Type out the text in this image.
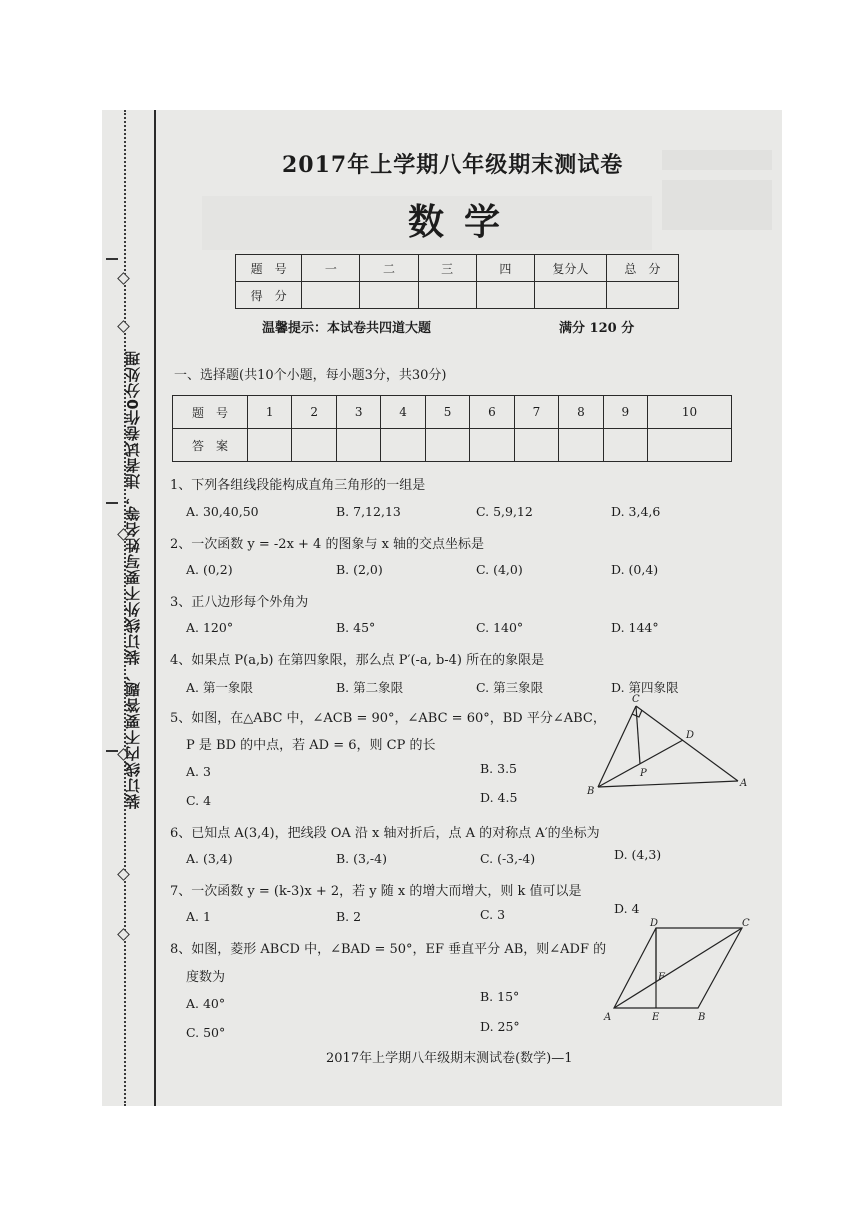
装订线内不要答题、装订线外不要写姓名等，违者试卷作0分处理
2017年上学期八年级期末测试卷
数学
题　号	一	二	三	四	复分人	总　分
得　分						
温馨提示：本试卷共四道大题	满分 120 分
一、选择题(共10个小题，每小题3分，共30分)
题　号	1	2	3	4	5	6	7	8	9	10
答　案										
1、下列各组线段能构成直角三角形的一组是
A. 30,40,50	B. 7,12,13	C. 5,9,12	D. 3,4,6
2、一次函数 y = -2x + 4 的图象与 x 轴的交点坐标是
A. (0,2)	B. (2,0)	C. (4,0)	D. (0,4)
3、正八边形每个外角为
A. 120°	B. 45°	C. 140°	D. 144°
4、如果点 P(a,b) 在第四象限，那么点 P′(-a, b-4) 所在的象限是
A. 第一象限	B. 第二象限	C. 第三象限	D. 第四象限
5、如图，在△ABC 中，∠ACB = 90°，∠ABC = 60°，BD 平分∠ABC，
P 是 BD 的中点，若 AD = 6，则 CP 的长
A. 3	B. 3.5
C. 4	D. 4.5
C
D
P
B
A
6、已知点 A(3,4)，把线段 OA 沿 x 轴对折后，点 A 的对称点 A′的坐标为
A. (3,4)	B. (3,-4)	C. (-3,-4)	D. (4,3)
7、一次函数 y = (k-3)x + 2，若 y 随 x 的增大而增大，则 k 值可以是
A. 1	B. 2	C. 3	D. 4
8、如图，菱形 ABCD 中，∠BAD = 50°，EF 垂直平分 AB，则∠ADF 的
度数为
A. 40°	B. 15°
C. 50°	D. 25°
D	C
F
A	E	B
2017年上学期八年级期末测试卷(数学)—1
